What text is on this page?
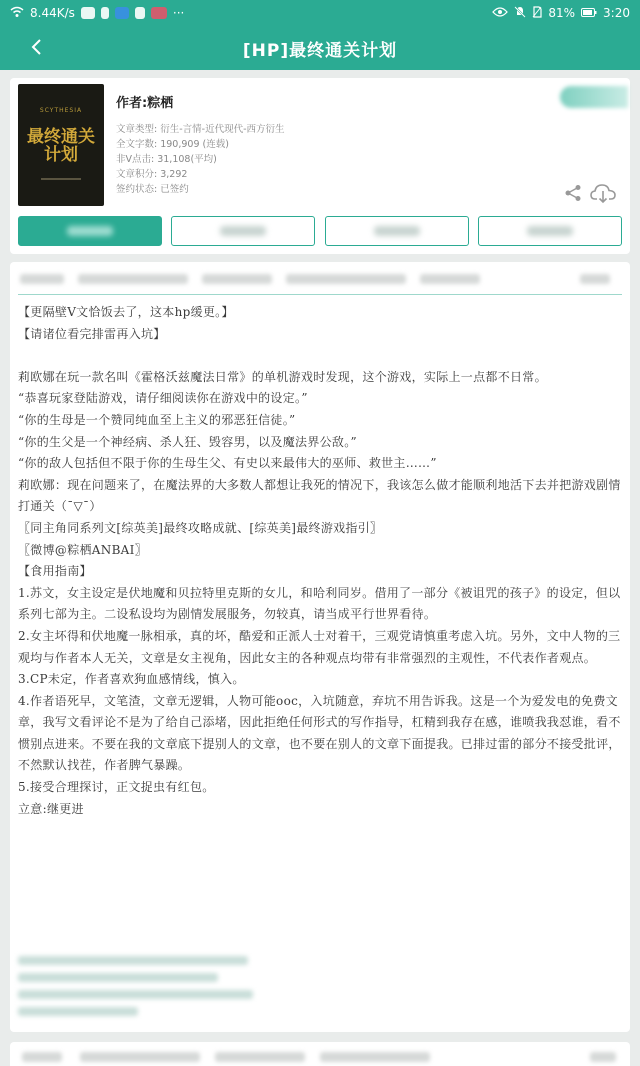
8.44K/s	···	81% 3:20
[HP]最终通关计划
SCYTHESIA
最终通关
计划
作者:粽栖
文章类型: 衍生-言情-近代现代-西方衍生
全文字数: 190,909 (连载)
非V点击: 31,108(平均)
文章积分: 3,292
签约状态: 已签约

【更隔壁V文恰饭去了，这本hp缓更。】

【请诸位看完排雷再入坑】

莉欧娜在玩一款名叫《霍格沃兹魔法日常》的单机游戏时发现，这个游戏，实际上一点都不日常。

“恭喜玩家登陆游戏，请仔细阅读你在游戏中的设定。”

“你的生母是一个赞同纯血至上主义的邪恶狂信徒。”

“你的生父是一个神经病、杀人狂、毁容男，以及魔法界公敌。”

“你的敌人包括但不限于你的生母生父、有史以来最伟大的巫师、救世主……”

莉欧娜：现在问题来了，在魔法界的大多数人都想让我死的情况下，我该怎么做才能顺利地活下去并把游戏剧情打通关（¯▽¯）

〖同主角同系列文[综英美]最终攻略成就、[综英美]最终游戏指引〗

〖微博@粽栖ANBAI〗

【食用指南】

1.苏文，女主设定是伏地魔和贝拉特里克斯的女儿，和哈利同岁。借用了一部分《被诅咒的孩子》的设定，但以系列七部为主。二设私设均为剧情发展服务，勿较真，请当成平行世界看待。

2.女主坏得和伏地魔一脉相承，真的坏，酷爱和正派人士对着干，三观党请慎重考虑入坑。另外，文中人物的三观均与作者本人无关，文章是女主视角，因此女主的各种观点均带有非常强烈的主观性，不代表作者观点。

3.CP未定，作者喜欢狗血感情线，慎入。

4.作者语死早，文笔渣，文章无逻辑，人物可能ooc，入坑随意，弃坑不用告诉我。这是一个为爱发电的免费文章，我写文看评论不是为了给自己添堵，因此拒绝任何形式的写作指导，杠精到我存在感，谁喷我我怼谁，看不惯别点进来。不要在我的文章底下提别人的文章，也不要在别人的文章下面提我。已排过雷的部分不接受批评，不然默认找茬，作者脾气暴躁。

5.接受合理探讨，正文捉虫有红包。

立意:继更进
